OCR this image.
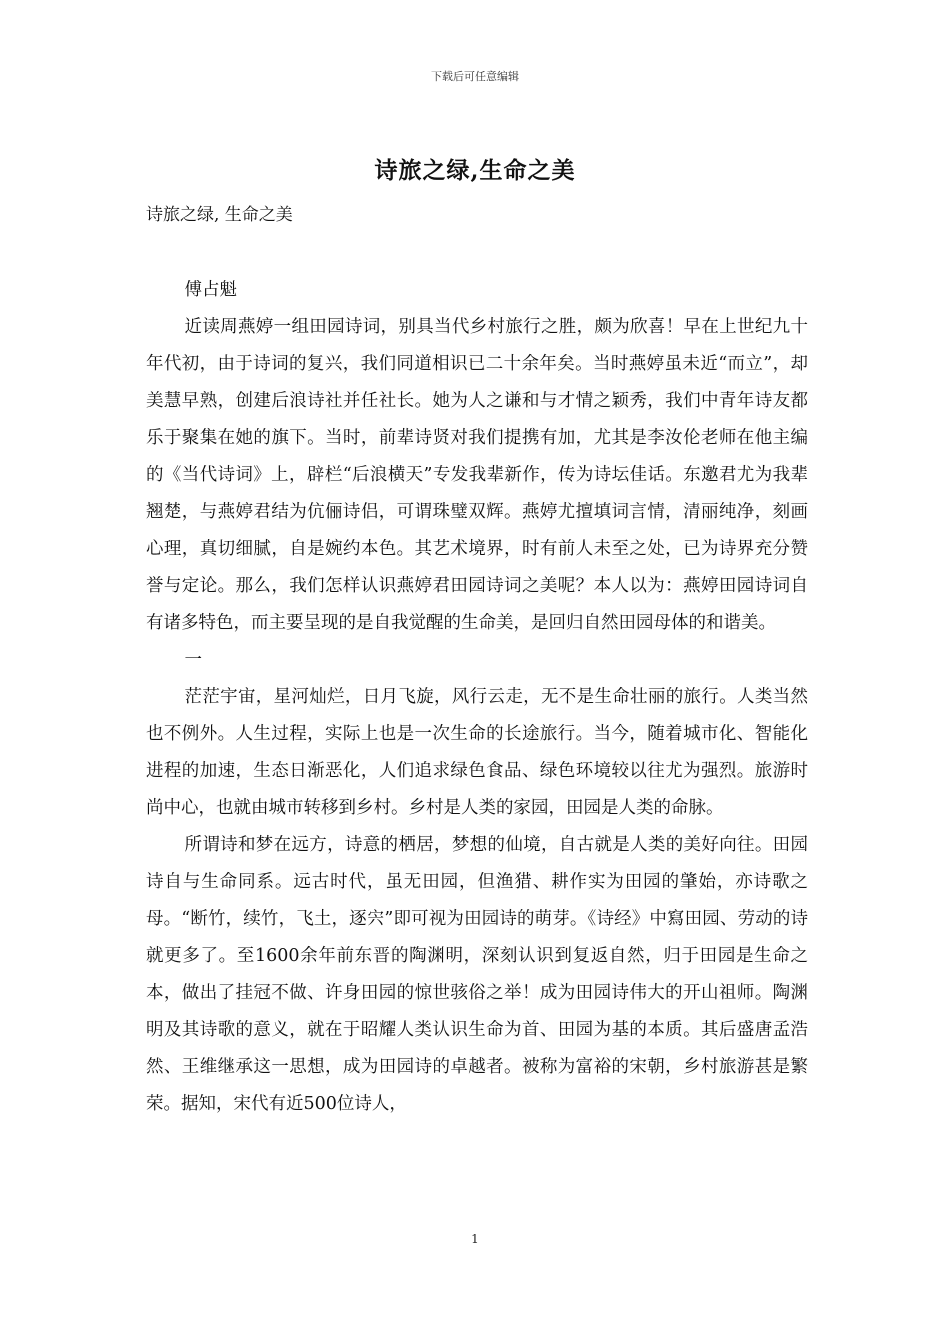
下载后可任意编辑
诗旅之绿,生命之美
诗旅之绿, 生命之美

傅占魁

近读周燕婷一组田园诗词，别具当代乡村旅行之胜，颇为欣喜！早在上世纪九十年代初，由于诗词的复兴，我们同道相识已二十余年矣。当时燕婷虽未近“而立”，却美慧早熟，创建后浪诗社并任社长。她为人之谦和与才情之颖秀，我们中青年诗友都乐于聚集在她的旗下。当时，前辈诗贤对我们提携有加，尤其是李汝伦老师在他主编的《当代诗词》上，辟栏“后浪横天”专发我辈新作，传为诗坛佳话。东邀君尤为我辈翘楚，与燕婷君结为伉俪诗侣，可谓珠璧双辉。燕婷尤擅填词言情，清丽纯净，刻画心理，真切细腻，自是婉约本色。其艺术境界，时有前人未至之处，已为诗界充分赞誉与定论。那么，我们怎样认识燕婷君田园诗词之美呢？本人以为：燕婷田园诗词自有诸多特色，而主要呈现的是自我觉醒的生命美，是回归自然田园母体的和谐美。

一

茫茫宇宙，星河灿烂，日月飞旋，风行云走，无不是生命壮丽的旅行。人类当然也不例外。人生过程，实际上也是一次生命的长途旅行。当今，随着城市化、智能化进程的加速，生态日渐恶化，人们追求绿色食品、绿色环境较以往尤为强烈。旅游时尚中心，也就由城市转移到乡村。乡村是人类的家园，田园是人类的命脉。

所谓诗和梦在远方，诗意的栖居，梦想的仙境，自古就是人类的美好向往。田园诗自与生命同系。远古时代，虽无田园，但渔猎、耕作实为田园的肇始，亦诗歌之母。“断竹，续竹，飞土，逐宍”即可视为田园诗的萌芽。《诗经》中寫田园、劳动的诗就更多了。至1600余年前东晋的陶渊明，深刻认识到复返自然，归于田园是生命之本，做出了挂冠不做、许身田园的惊世骇俗之举！成为田园诗伟大的开山祖师。陶渊明及其诗歌的意义，就在于昭耀人类认识生命为首、田园为基的本质。其后盛唐孟浩然、王维继承这一思想，成为田园诗的卓越者。被称为富裕的宋朝，乡村旅游甚是繁荣。据知，宋代有近500位诗人，

1
